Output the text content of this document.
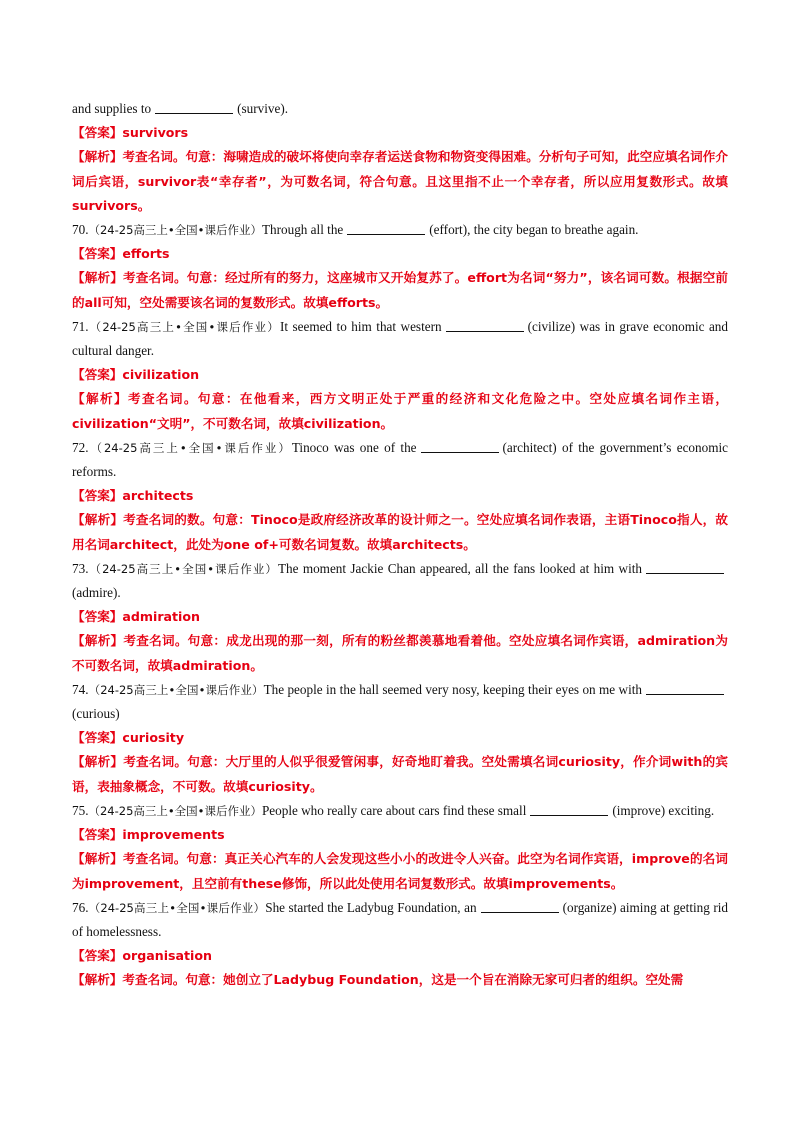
and supplies to	(survive).

【答案】survivors

【解析】考查名词。句意：海啸造成的破坏将使向幸存者运送食物和物资变得困难。分析句子可知，此空应填名词作介词后宾语，survivor表“幸存者”，为可数名词，符合句意。且这里指不止一个幸存者，所以应用复数形式。故填survivors。

70.（24-25高三上•全国•课后作业）Through all the	(effort), the city began to breathe again.

【答案】efforts

【解析】考查名词。句意：经过所有的努力，这座城市又开始复苏了。effort为名词“努力”，该名词可数。根据空前的all可知，空处需要该名词的复数形式。故填efforts。

71.（24-25高三上•全国•课后作业）It seemed to him that western	(civilize) was in grave economic and cultural danger.

【答案】civilization

【解析】考查名词。句意：在他看来，西方文明正处于严重的经济和文化危险之中。空处应填名词作主语，civilization“文明”，不可数名词，故填civilization。

72.（24-25高三上•全国•课后作业）Tinoco was one of the	(architect) of the government’s economic reforms.

【答案】architects

【解析】考查名词的数。句意：Tinoco是政府经济改革的设计师之一。空处应填名词作表语，主语Tinoco指人，故用名词architect，此处为one of+可数名词复数。故填architects。

73.（24-25高三上•全国•课后作业）The moment Jackie Chan appeared, all the fans looked at him with(admire).

【答案】admiration

【解析】考查名词。句意：成龙出现的那一刻，所有的粉丝都羡慕地看着他。空处应填名词作宾语，admiration为不可数名词，故填admiration。

74.（24-25高三上•全国•课后作业）The people in the hall seemed very nosy, keeping their eyes on me with(curious)

【答案】curiosity

【解析】考查名词。句意：大厅里的人似乎很爱管闲事，好奇地盯着我。空处需填名词curiosity，作介词with的宾语，表抽象概念，不可数。故填curiosity。

75.（24-25高三上•全国•课后作业）People who really care about cars find these small	(improve) exciting.

【答案】improvements

【解析】考查名词。句意：真正关心汽车的人会发现这些小小的改进令人兴奋。此空为名词作宾语，improve的名词为improvement，且空前有these修饰，所以此处使用名词复数形式。故填improvements。

76.（24-25高三上•全国•课后作业）She started the Ladybug Foundation, an	(organize) aiming at getting rid of homelessness.

【答案】organisation

【解析】考查名词。句意：她创立了Ladybug Foundation，这是一个旨在消除无家可归者的组织。空处需
